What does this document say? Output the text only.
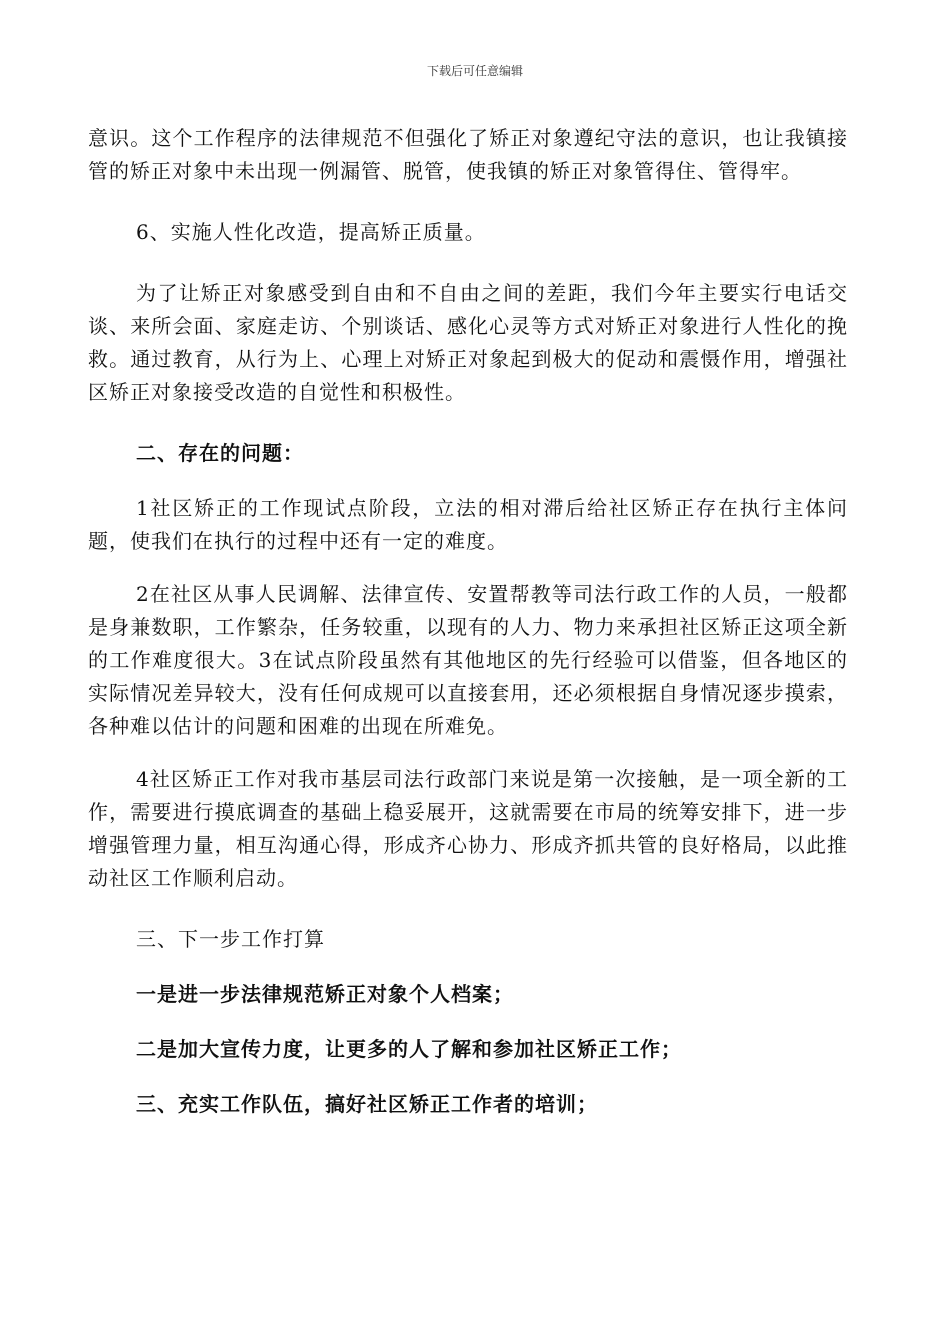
下载后可任意编辑

意识。这个工作程序的法律规范不但强化了矫正对象遵纪守法的意识，也让我镇接管的矫正对象中未出现一例漏管、脱管，使我镇的矫正对象管得住、管得牢。

6、实施人性化改造，提高矫正质量。

为了让矫正对象感受到自由和不自由之间的差距，我们今年主要实行电话交谈、来所会面、家庭走访、个别谈话、感化心灵等方式对矫正对象进行人性化的挽救。通过教育，从行为上、心理上对矫正对象起到极大的促动和震慑作用，增强社区矫正对象接受改造的自觉性和积极性。

二、存在的问题：

1社区矫正的工作现试点阶段，立法的相对滞后给社区矫正存在执行主体问题，使我们在执行的过程中还有一定的难度。

2在社区从事人民调解、法律宣传、安置帮教等司法行政工作的人员，一般都是身兼数职，工作繁杂，任务较重，以现有的人力、物力来承担社区矫正这项全新的工作难度很大。3在试点阶段虽然有其他地区的先行经验可以借鉴，但各地区的实际情况差异较大，没有任何成规可以直接套用，还必须根据自身情况逐步摸索，各种难以估计的问题和困难的出现在所难免。

4社区矫正工作对我市基层司法行政部门来说是第一次接触，是一项全新的工作，需要进行摸底调查的基础上稳妥展开，这就需要在市局的统筹安排下，进一步增强管理力量，相互沟通心得，形成齐心协力、形成齐抓共管的良好格局，以此推动社区工作顺利启动。

三、下一步工作打算

一是进一步法律规范矫正对象个人档案；

二是加大宣传力度，让更多的人了解和参加社区矫正工作；

三、充实工作队伍，搞好社区矫正工作者的培训；
